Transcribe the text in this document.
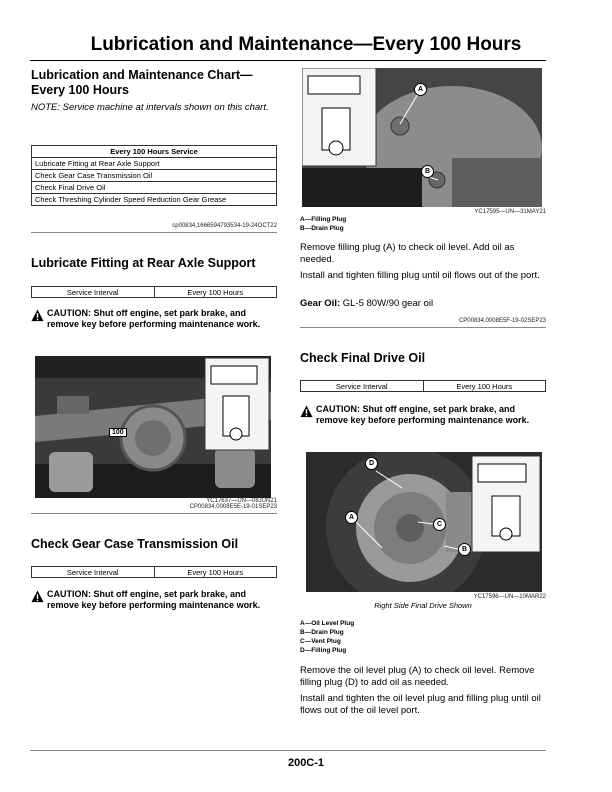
Lubrication and Maintenance—Every 100 Hours
Lubrication and Maintenance Chart—Every 100 Hours

NOTE: Service machine at intervals shown on this chart.

Every 100 Hours Service
Lubricate Fitting at Rear Axle Support
Check Gear Case Transmission Oil
Check Final Drive Oil
Check Threshing Cylinder Speed Reduction Gear Grease
cp00834,1666594793534-19-24OCT22
Lubricate Fitting at Rear Axle Support
Service Interval	Every 100 Hours
CAUTION: Shut off engine, set park brake, and remove key before performing maintenance work.
100
YC17637—UN—08JUN21
CP00834,0008E5E-19-01SEP23
Check Gear Case Transmission Oil
Service Interval	Every 100 Hours
CAUTION: Shut off engine, set park brake, and remove key before performing maintenance work.
A
B
YC17595—UN—31MAY21
A—Filling Plug
B—Drain Plug

Remove filling plug (A) to check oil level. Add oil as needed.

Install and tighten filling plug until oil flows out of the port.

Gear Oil: GL-5 80W/90 gear oil

CP00834,0008E5F-19-02SEP23
Check Final Drive Oil
Service Interval	Every 100 Hours
CAUTION: Shut off engine, set park brake, and remove key before performing maintenance work.
D
A
C
B
YC17596—UN—10MAR22
Right Side Final Drive Shown
A—Oil Level Plug
B—Drain Plug
C—Vent Plug
D—Filling Plug

Remove the oil level plug (A) to check oil level. Remove filling plug (D) to add oil as needed.

Install and tighten the oil level plug and filling plug until oil flows out of the oil level port.

200C-1
